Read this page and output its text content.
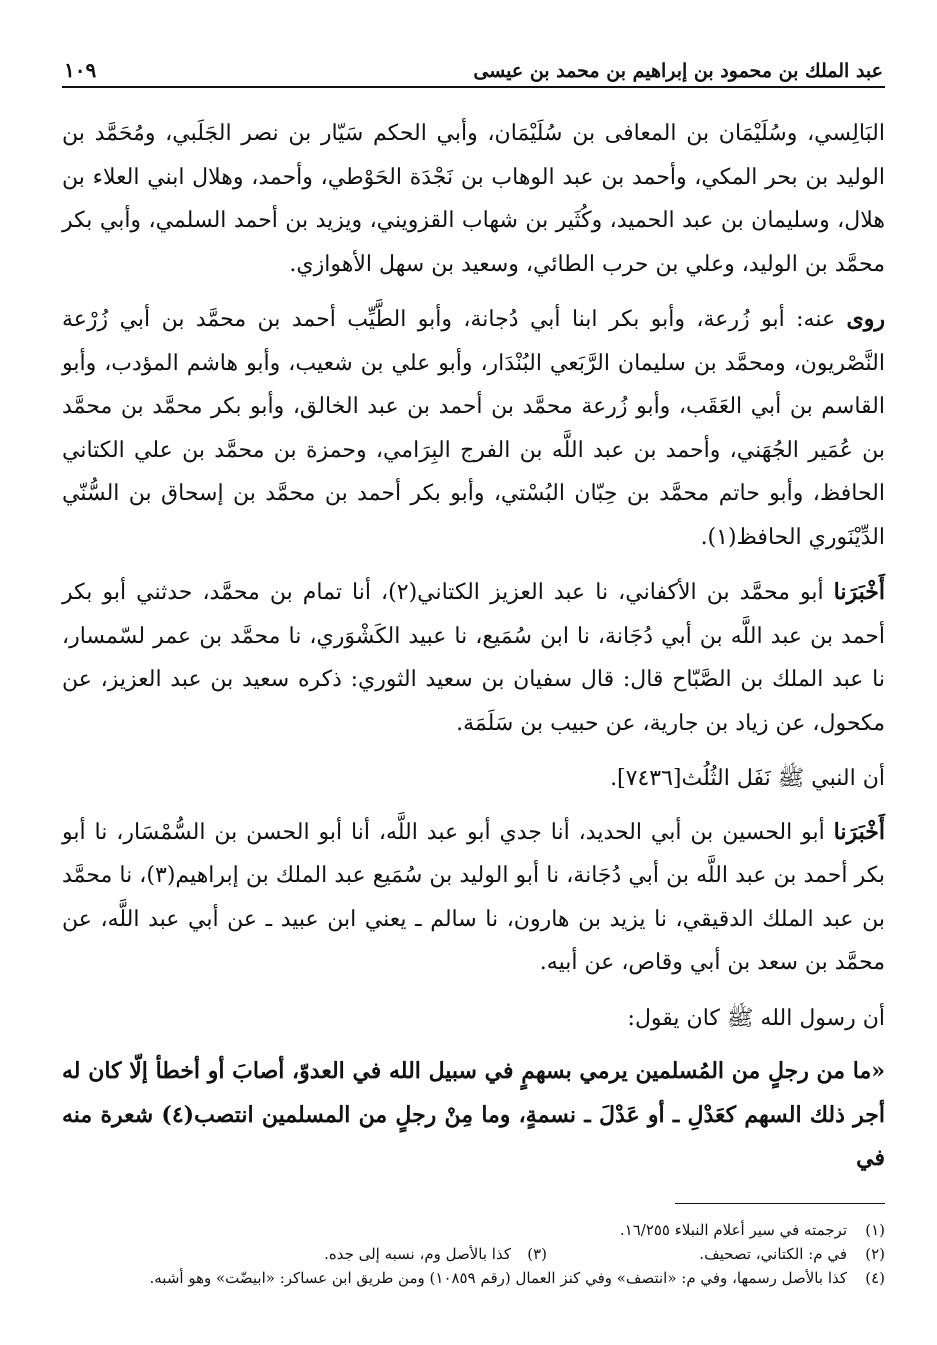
عبد الملك بن محمود بن إبراهيم بن محمد بن عيسى
١٠٩

البَالِسي، وسُلَيْمَان بن المعافى بن سُلَيْمَان، وأبي الحكم سَيّار بن نصر الجَلَبي، ومُحَمَّد بن الوليد بن بحر المكي، وأحمد بن عبد الوهاب بن نَجْدَة الحَوْطي، وأحمد، وهلال ابني العلاء بن هلال، وسليمان بن عبد الحميد، وكُثَير بن شهاب القزويني، ويزيد بن أحمد السلمي، وأبي بكر محمَّد بن الوليد، وعلي بن حرب الطائي، وسعيد بن سهل الأهوازي.

روى عنه: أبو زُرعة، وأبو بكر ابنا أبي دُجانة، وأبو الطَّيِّب أحمد بن محمَّد بن أبي زُرْعة النَّصْريون، ومحمَّد بن سليمان الرَّبَعي البُنْدَار، وأبو علي بن شعيب، وأبو هاشم المؤدب، وأبو القاسم بن أبي العَقَب، وأبو زُرعة محمَّد بن أحمد بن عبد الخالق، وأبو بكر محمَّد بن محمَّد بن عُمَير الجُهَني، وأحمد بن عبد اللَّه بن الفرج البِرَامي، وحمزة بن محمَّد بن علي الكتاني الحافظ، وأبو حاتم محمَّد بن حِبّان البُسْتي، وأبو بكر أحمد بن محمَّد بن إسحاق بن السُّنّي الدِّيْنَوري الحافظ(١).

أَخْبَرَنا أبو محمَّد بن الأكفاني، نا عبد العزيز الكتاني(٢)، أنا تمام بن محمَّد، حدثني أبو بكر أحمد بن عبد اللَّه بن أبي دُجَانة، نا ابن سُمَيع، نا عبيد الكَشْوَري، نا محمَّد بن عمر لسّمسار، نا عبد الملك بن الصَّبّاح قال: قال سفيان بن سعيد الثوري: ذكره سعيد بن عبد العزيز، عن مكحول، عن زياد بن جارية، عن حبيب بن سَلَمَة.

أن النبي ﷺ نَفَل الثُلُث[٧٤٣٦].

أَخْبَرَنا أبو الحسين بن أبي الحديد، أنا جدي أبو عبد اللَّه، أنا أبو الحسن بن السُّمْسَار، نا أبو بكر أحمد بن عبد اللَّه بن أبي دُجَانة، نا أبو الوليد بن سُمَيع عبد الملك بن إبراهيم(٣)، نا محمَّد بن عبد الملك الدقيقي، نا يزيد بن هارون، نا سالم ـ يعني ابن عبيد ـ عن أبي عبد اللَّه، عن محمَّد بن سعد بن أبي وقاص، عن أبيه.

أن رسول الله ﷺ كان يقول:

«ما من رجلٍ من المُسلمين يرمي بسهمٍ في سبيل الله في العدوّ، أصابَ أو أخطأ إلّا كان له أجر ذلك السهم كعَدْلِ ـ أو عَدْلَ ـ نسمةٍ، وما مِنْ رجلٍ من المسلمين انتصب(٤) شعرة منه في

(١)
ترجمته في سير أعلام النبلاء ١٦/٢٥٥.
(٢)
في م: الكتاني، تصحيف.
(٣)
كذا بالأصل وم، نسبه إلى جده.
(٤)
كذا بالأصل رسمها، وفي م: «انتصف» وفي كنز العمال (رقم ١٠٨٥٩) ومن طريق ابن عساكر: «ابيضّت» وهو أشبه.
